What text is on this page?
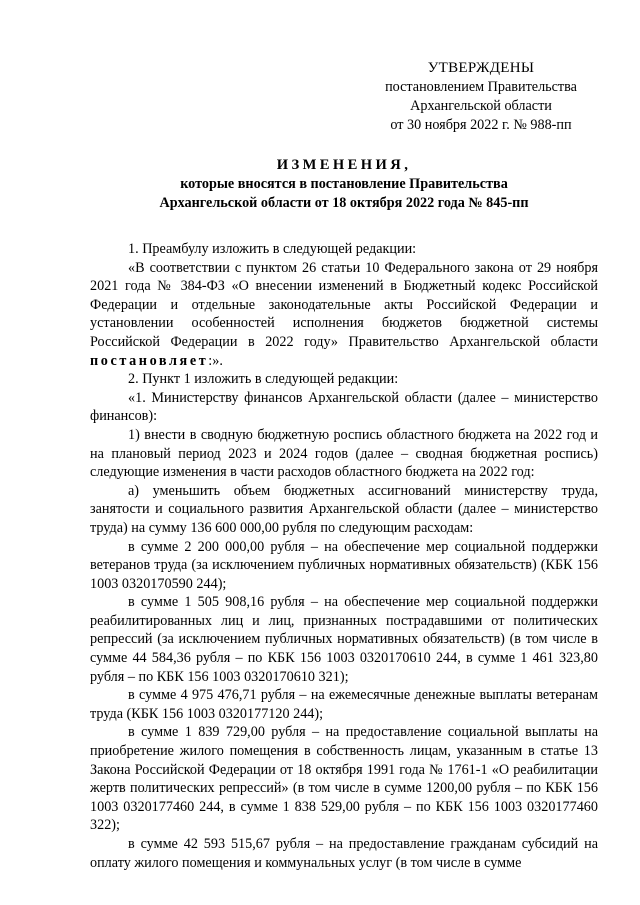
УТВЕРЖДЕНЫ
постановлением Правительства
Архангельской области
от 30 ноября 2022 г. № 988-пп
ИЗМЕНЕНИЯ,
которые вносятся в постановление Правительства
Архангельской области от 18 октября 2022 года № 845-пп

1. Преамбулу изложить в следующей редакции:

«В соответствии с пунктом 26 статьи 10 Федерального закона от 29 ноября 2021 года № 384-ФЗ «О внесении изменений в Бюджетный кодекс Российской Федерации и отдельные законодательные акты Российской Федерации и установлении особенностей исполнения бюджетов бюджетной системы Российской Федерации в 2022 году» Правительство Архангельской области постановляет:».

2. Пункт 1 изложить в следующей редакции:

«1. Министерству финансов Архангельской области (далее – министерство финансов):

1) внести в сводную бюджетную роспись областного бюджета на 2022 год и на плановый период 2023 и 2024 годов (далее – сводная бюджетная роспись) следующие изменения в части расходов областного бюджета на 2022 год:

а) уменьшить объем бюджетных ассигнований министерству труда, занятости и социального развития Архангельской области (далее – министерство труда) на сумму 136 600 000,00 рубля по следующим расходам:

в сумме 2 200 000,00 рубля – на обеспечение мер социальной поддержки ветеранов труда (за исключением публичных нормативных обязательств) (КБК 156 1003 0320170590 244);

в сумме 1 505 908,16 рубля – на обеспечение мер социальной поддержки реабилитированных лиц и лиц, признанных пострадавшими от политических репрессий (за исключением публичных нормативных обязательств) (в том числе в сумме 44 584,36 рубля – по КБК 156 1003 0320170610 244, в сумме 1 461 323,80 рубля – по КБК 156 1003 0320170610 321);

в сумме 4 975 476,71 рубля – на ежемесячные денежные выплаты ветеранам труда (КБК 156 1003 0320177120 244);

в сумме 1 839 729,00 рубля – на предоставление социальной выплаты на приобретение жилого помещения в собственность лицам, указанным в статье 13 Закона Российской Федерации от 18 октября 1991 года № 1761-1 «О реабилитации жертв политических репрессий» (в том числе в сумме 1200,00 рубля – по КБК 156 1003 0320177460 244, в сумме 1 838 529,00 рубля – по КБК 156 1003 0320177460 322);

в сумме 42 593 515,67 рубля – на предоставление гражданам субсидий на оплату жилого помещения и коммунальных услуг (в том числе в сумме
